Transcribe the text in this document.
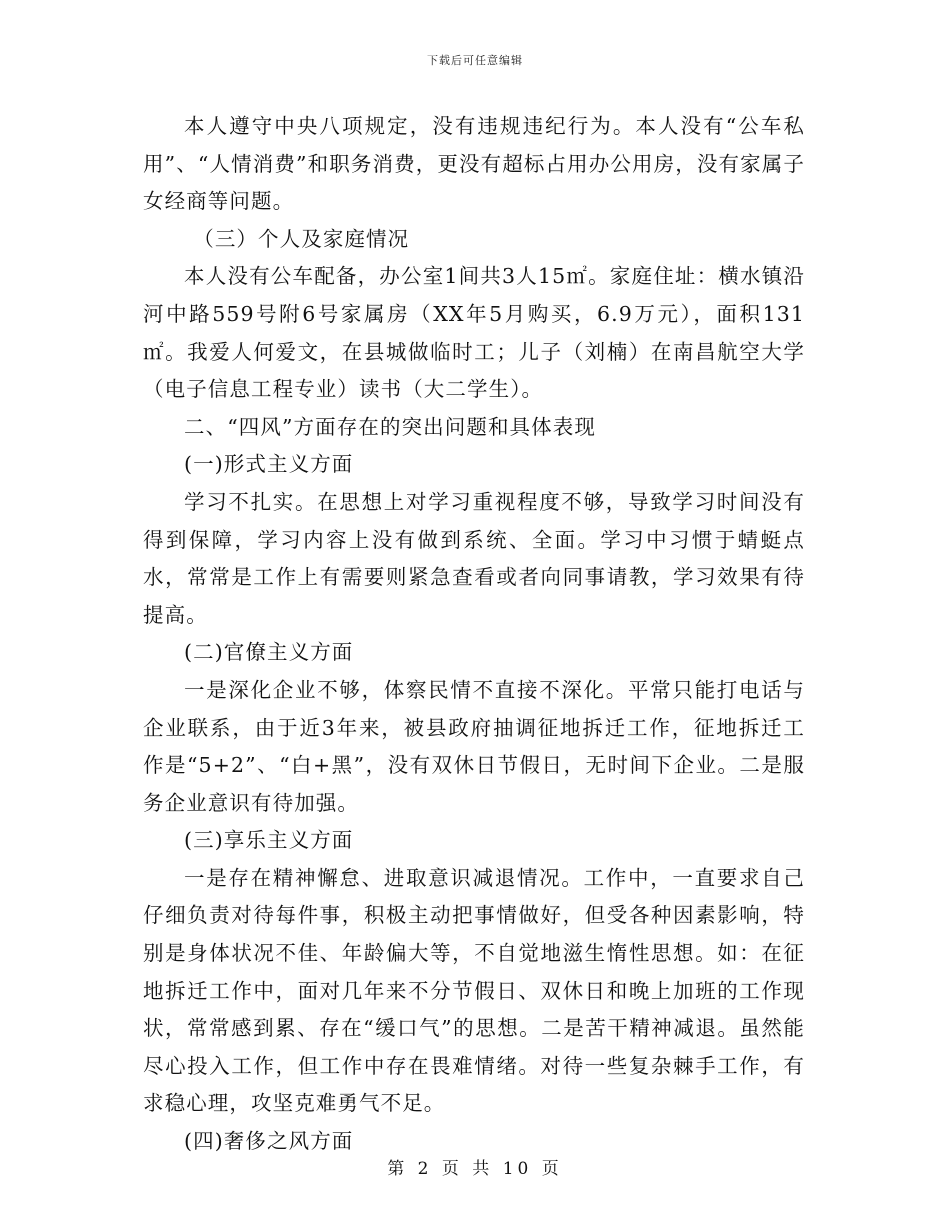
下载后可任意编辑

本人遵守中央八项规定，没有违规违纪行为。本人没有“公车私用”、“人情消费”和职务消费，更没有超标占用办公用房，没有家属子女经商等问题。

（三）个人及家庭情况

本人没有公车配备，办公室1间共3人15㎡。家庭住址：横水镇沿河中路559号附6号家属房（XX年5月购买，6.9万元），面积131㎡。我爱人何爱文，在县城做临时工；儿子（刘楠）在南昌航空大学（电子信息工程专业）读书（大二学生）。

二、“四风”方面存在的突出问题和具体表现

(一)形式主义方面

学习不扎实。在思想上对学习重视程度不够，导致学习时间没有得到保障，学习内容上没有做到系统、全面。学习中习惯于蜻蜓点水，常常是工作上有需要则紧急查看或者向同事请教，学习效果有待提高。

(二)官僚主义方面

一是深化企业不够，体察民情不直接不深化。平常只能打电话与企业联系，由于近3年来，被县政府抽调征地拆迁工作，征地拆迁工作是“5+2”、“白+黑”，没有双休日节假日，无时间下企业。二是服务企业意识有待加强。

(三)享乐主义方面

一是存在精神懈怠、进取意识减退情况。工作中，一直要求自己仔细负责对待每件事，积极主动把事情做好，但受各种因素影响，特别是身体状况不佳、年龄偏大等，不自觉地滋生惰性思想。如：在征地拆迁工作中，面对几年来不分节假日、双休日和晚上加班的工作现状，常常感到累、存在“缓口气”的思想。二是苦干精神减退。虽然能尽心投入工作，但工作中存在畏难情绪。对待一些复杂棘手工作，有求稳心理，攻坚克难勇气不足。

(四)奢侈之风方面

第 2 页 共 10 页
